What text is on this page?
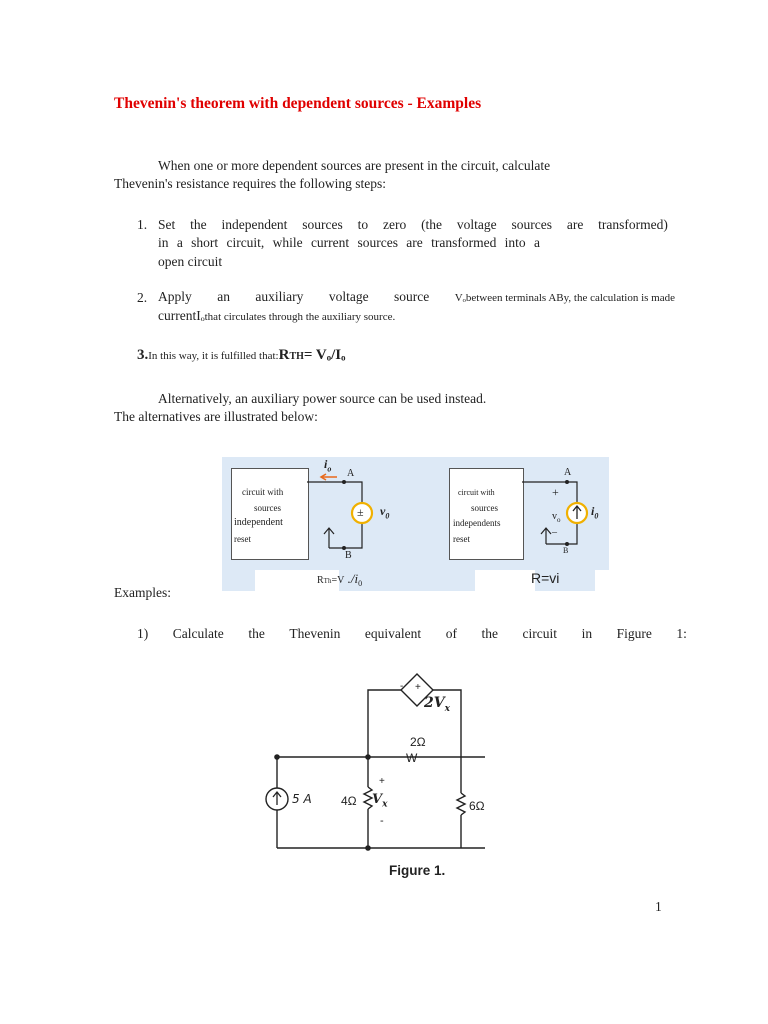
Thevenin's theorem with dependent sources - Examples
When one or more dependent sources are present in the circuit, calculate
Thevenin's resistance requires the following steps:
1. Set the independent sources to zero (the voltage sources are transformed)
in a short circuit, while current sources are transformed into a
open circuit
2. Apply an auxiliary voltage source Vₒbetween terminals ABy, the calculation is made
currentIₒthat circulates through the auxiliary source.
3.In this way, it is fulfilled that:RTH= Vₒ/Iₒ
Alternatively, an auxiliary power source can be used instead.
The alternatives are illustrated below:
circuit with
sources
independent
reset
circuit with
sources
independents
reset
$i_o$ A
B
± $v_0$
RTh=V $./i_0$
A
+
–
B
$v_o$
$i_0$
R=vi
Examples:
1) Calculate the Thevenin equivalent of the circuit in Figure 1:
- +
$2V_x$
2Ω
W
5 A
+
4Ω $V_x$
-
6Ω
Figure 1.
1
